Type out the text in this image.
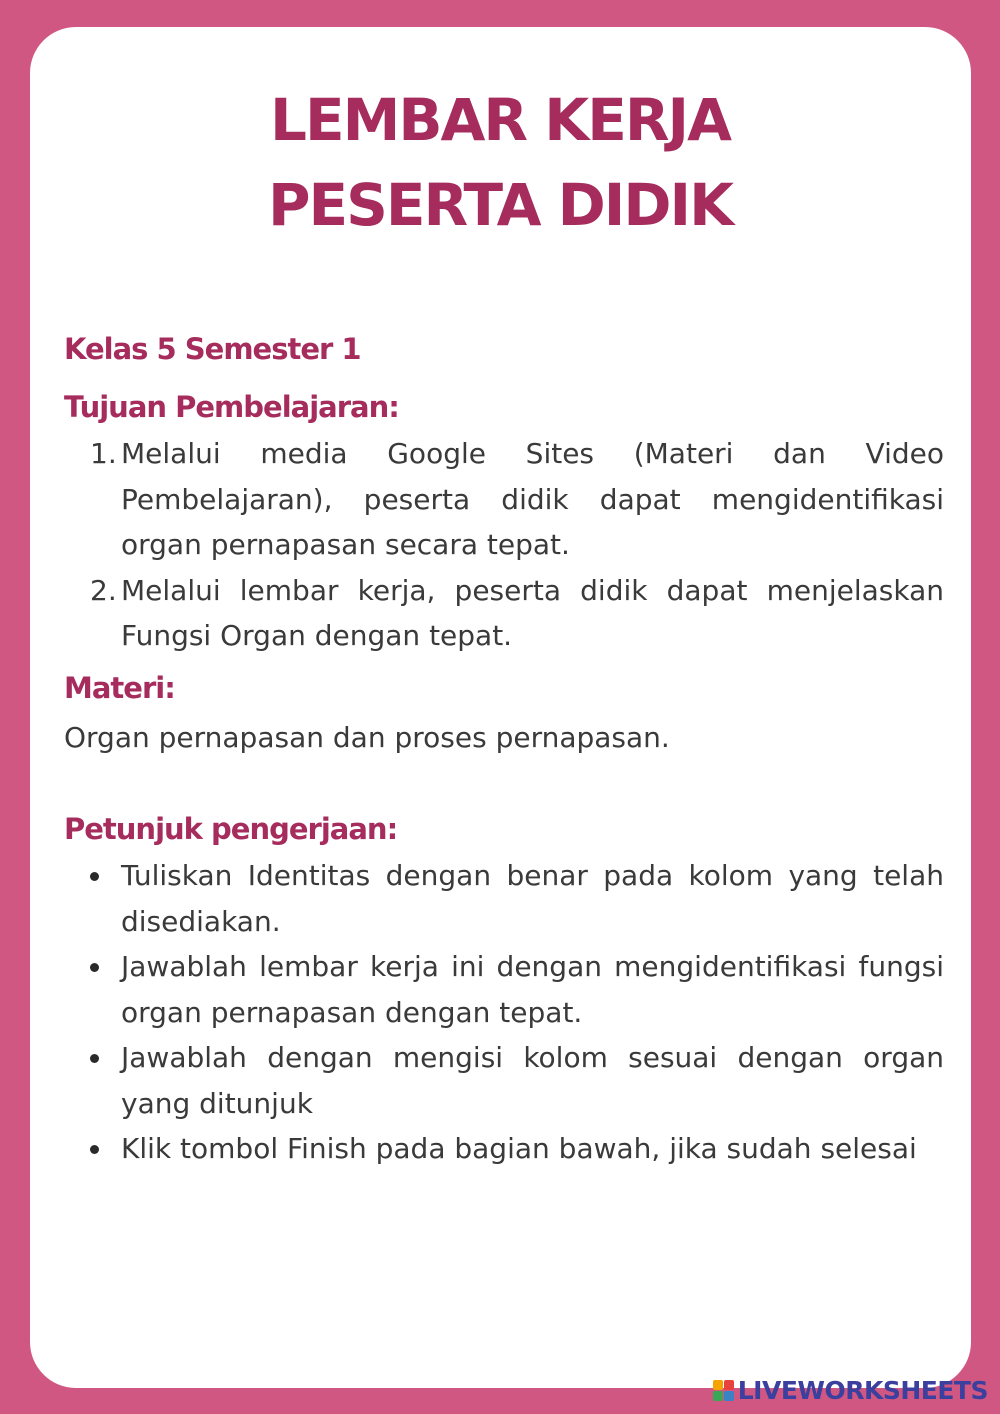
LEMBAR KERJA
PESERTA DIDIK
Kelas 5 Semester 1
Tujuan Pembelajaran:
1. Melalui media Google Sites (Materi dan Video Pembelajaran), peserta didik dapat mengidentifikasi organ pernapasan secara tepat.
2. Melalui lembar kerja, peserta didik dapat menjelaskan Fungsi Organ dengan tepat.
Materi:

Organ pernapasan dan proses pernapasan.

Petunjuk pengerjaan:
Tuliskan Identitas dengan benar pada kolom yang telah disediakan.
Jawablah lembar kerja ini dengan mengidentifikasi fungsi organ pernapasan dengan tepat.
Jawablah dengan mengisi kolom sesuai dengan organ yang ditunjuk
Klik tombol Finish pada bagian bawah, jika sudah selesai
LIVEWORKSHEETS
